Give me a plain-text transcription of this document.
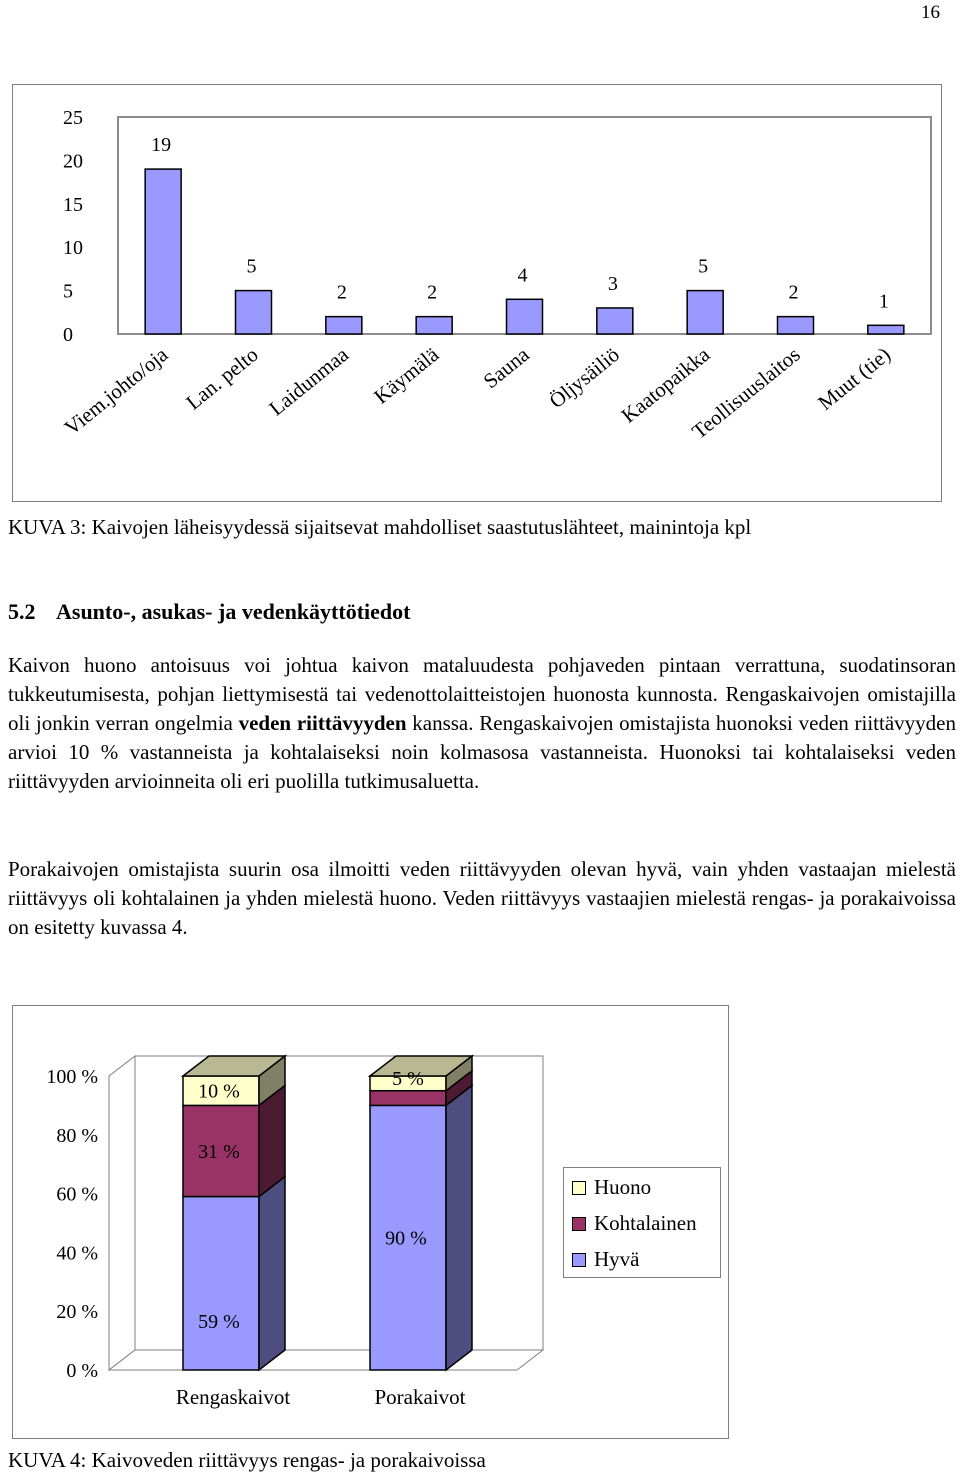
16
0
5
10
15
20
25
19
Viem.johto/oja
5
Lan. pelto
2
Laidunmaa
2
Käymälä
4
Sauna
3
Öljysäiliö
5
Kaatopaikka
2
Teollisuuslaitos
1
Muut (tie)
KUVA 3: Kaivojen läheisyydessä sijaitsevat mahdolliset saastutuslähteet, mainintoja kpl
5.2 Asunto-, asukas- ja vedenkäyttötiedot
Kaivon huono antoisuus voi johtua kaivon mataluudesta pohjaveden pintaan verrattuna, suodatinsoran tukkeutumisesta, pohjan liettymisestä tai vedenottolaitteistojen huonosta kunnosta. Rengaskaivojen omistajilla oli jonkin verran ongelmia veden riittävyyden kanssa. Rengaskaivojen omistajista huonoksi veden riittävyyden arvioi 10 % vastanneista ja kohtalaiseksi noin kolmasosa vastanneista. Huonoksi tai kohtalaiseksi veden riittävyyden arvioinneita oli eri puolilla tutkimusaluetta.
Porakaivojen omistajista suurin osa ilmoitti veden riittävyyden olevan hyvä, vain yhden vastaajan mielestä riittävyys oli kohtalainen ja yhden mielestä huono. Veden riittävyys vastaajien mielestä rengas- ja porakaivoissa on esitetty kuvassa 4.
0 %
20 %
40 %
60 %
80 %
100 %
59 %
31 %
10 %
Rengaskaivot
90 %
5 %
Porakaivot
Huono
Kohtalainen
Hyvä
KUVA 4: Kaivoveden riittävyys rengas- ja porakaivoissa
